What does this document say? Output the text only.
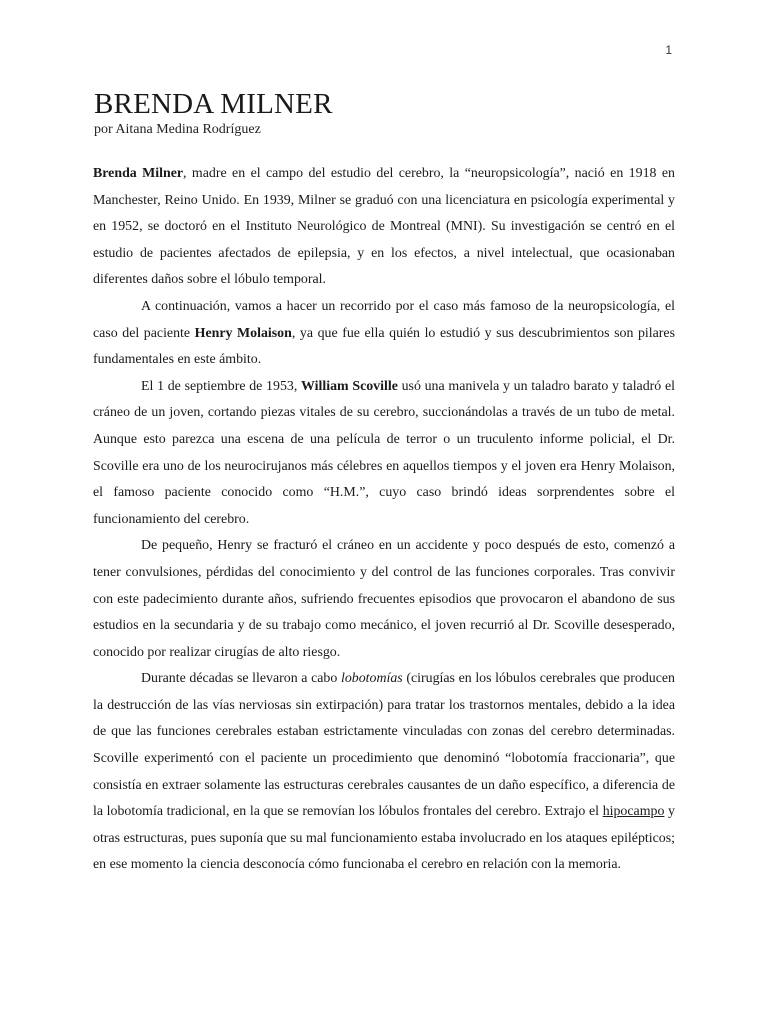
1
BRENDA MILNER
por Aitana Medina Rodríguez

Brenda Milner, madre en el campo del estudio del cerebro, la “neuropsicología”, nació en 1918 en Manchester, Reino Unido. En 1939, Milner se graduó con una licenciatura en psicología experimental y en 1952, se doctoró en el Instituto Neurológico de Montreal (MNI). Su investigación se centró en el estudio de pacientes afectados de epilepsia, y en los efectos, a nivel intelectual, que ocasionaban diferentes daños sobre el lóbulo temporal.

A continuación, vamos a hacer un recorrido por el caso más famoso de la neuropsicología, el caso del paciente Henry Molaison, ya que fue ella quién lo estudió y sus descubrimientos son pilares fundamentales en este ámbito.

El 1 de septiembre de 1953, William Scoville usó una manivela y un taladro barato y taladró el cráneo de un joven, cortando piezas vitales de su cerebro, succionándolas a través de un tubo de metal. Aunque esto parezca una escena de una película de terror o un truculento informe policial, el Dr. Scoville era uno de los neurocirujanos más célebres en aquellos tiempos y el joven era Henry Molaison, el famoso paciente conocido como “H.M.”, cuyo caso brindó ideas sorprendentes sobre el funcionamiento del cerebro.

De pequeño, Henry se fracturó el cráneo en un accidente y poco después de esto, comenzó a tener convulsiones, pérdidas del conocimiento y del control de las funciones corporales. Tras convivir con este padecimiento durante años, sufriendo frecuentes episodios que provocaron el abandono de sus estudios en la secundaria y de su trabajo como mecánico, el joven recurrió al Dr. Scoville desesperado, conocido por realizar cirugías de alto riesgo.

Durante décadas se llevaron a cabo lobotomías (cirugías en los lóbulos cerebrales que producen la destrucción de las vías nerviosas sin extirpación) para tratar los trastornos mentales, debido a la idea de que las funciones cerebrales estaban estrictamente vinculadas con zonas del cerebro determinadas. Scoville experimentó con el paciente un procedimiento que denominó “lobotomía fraccionaria”, que consistía en extraer solamente las estructuras cerebrales causantes de un daño específico, a diferencia de la lobotomía tradicional, en la que se removían los lóbulos frontales del cerebro. Extrajo el hipocampo y otras estructuras, pues suponía que su mal funcionamiento estaba involucrado en los ataques epilépticos; en ese momento la ciencia desconocía cómo funcionaba el cerebro en relación con la memoria.
